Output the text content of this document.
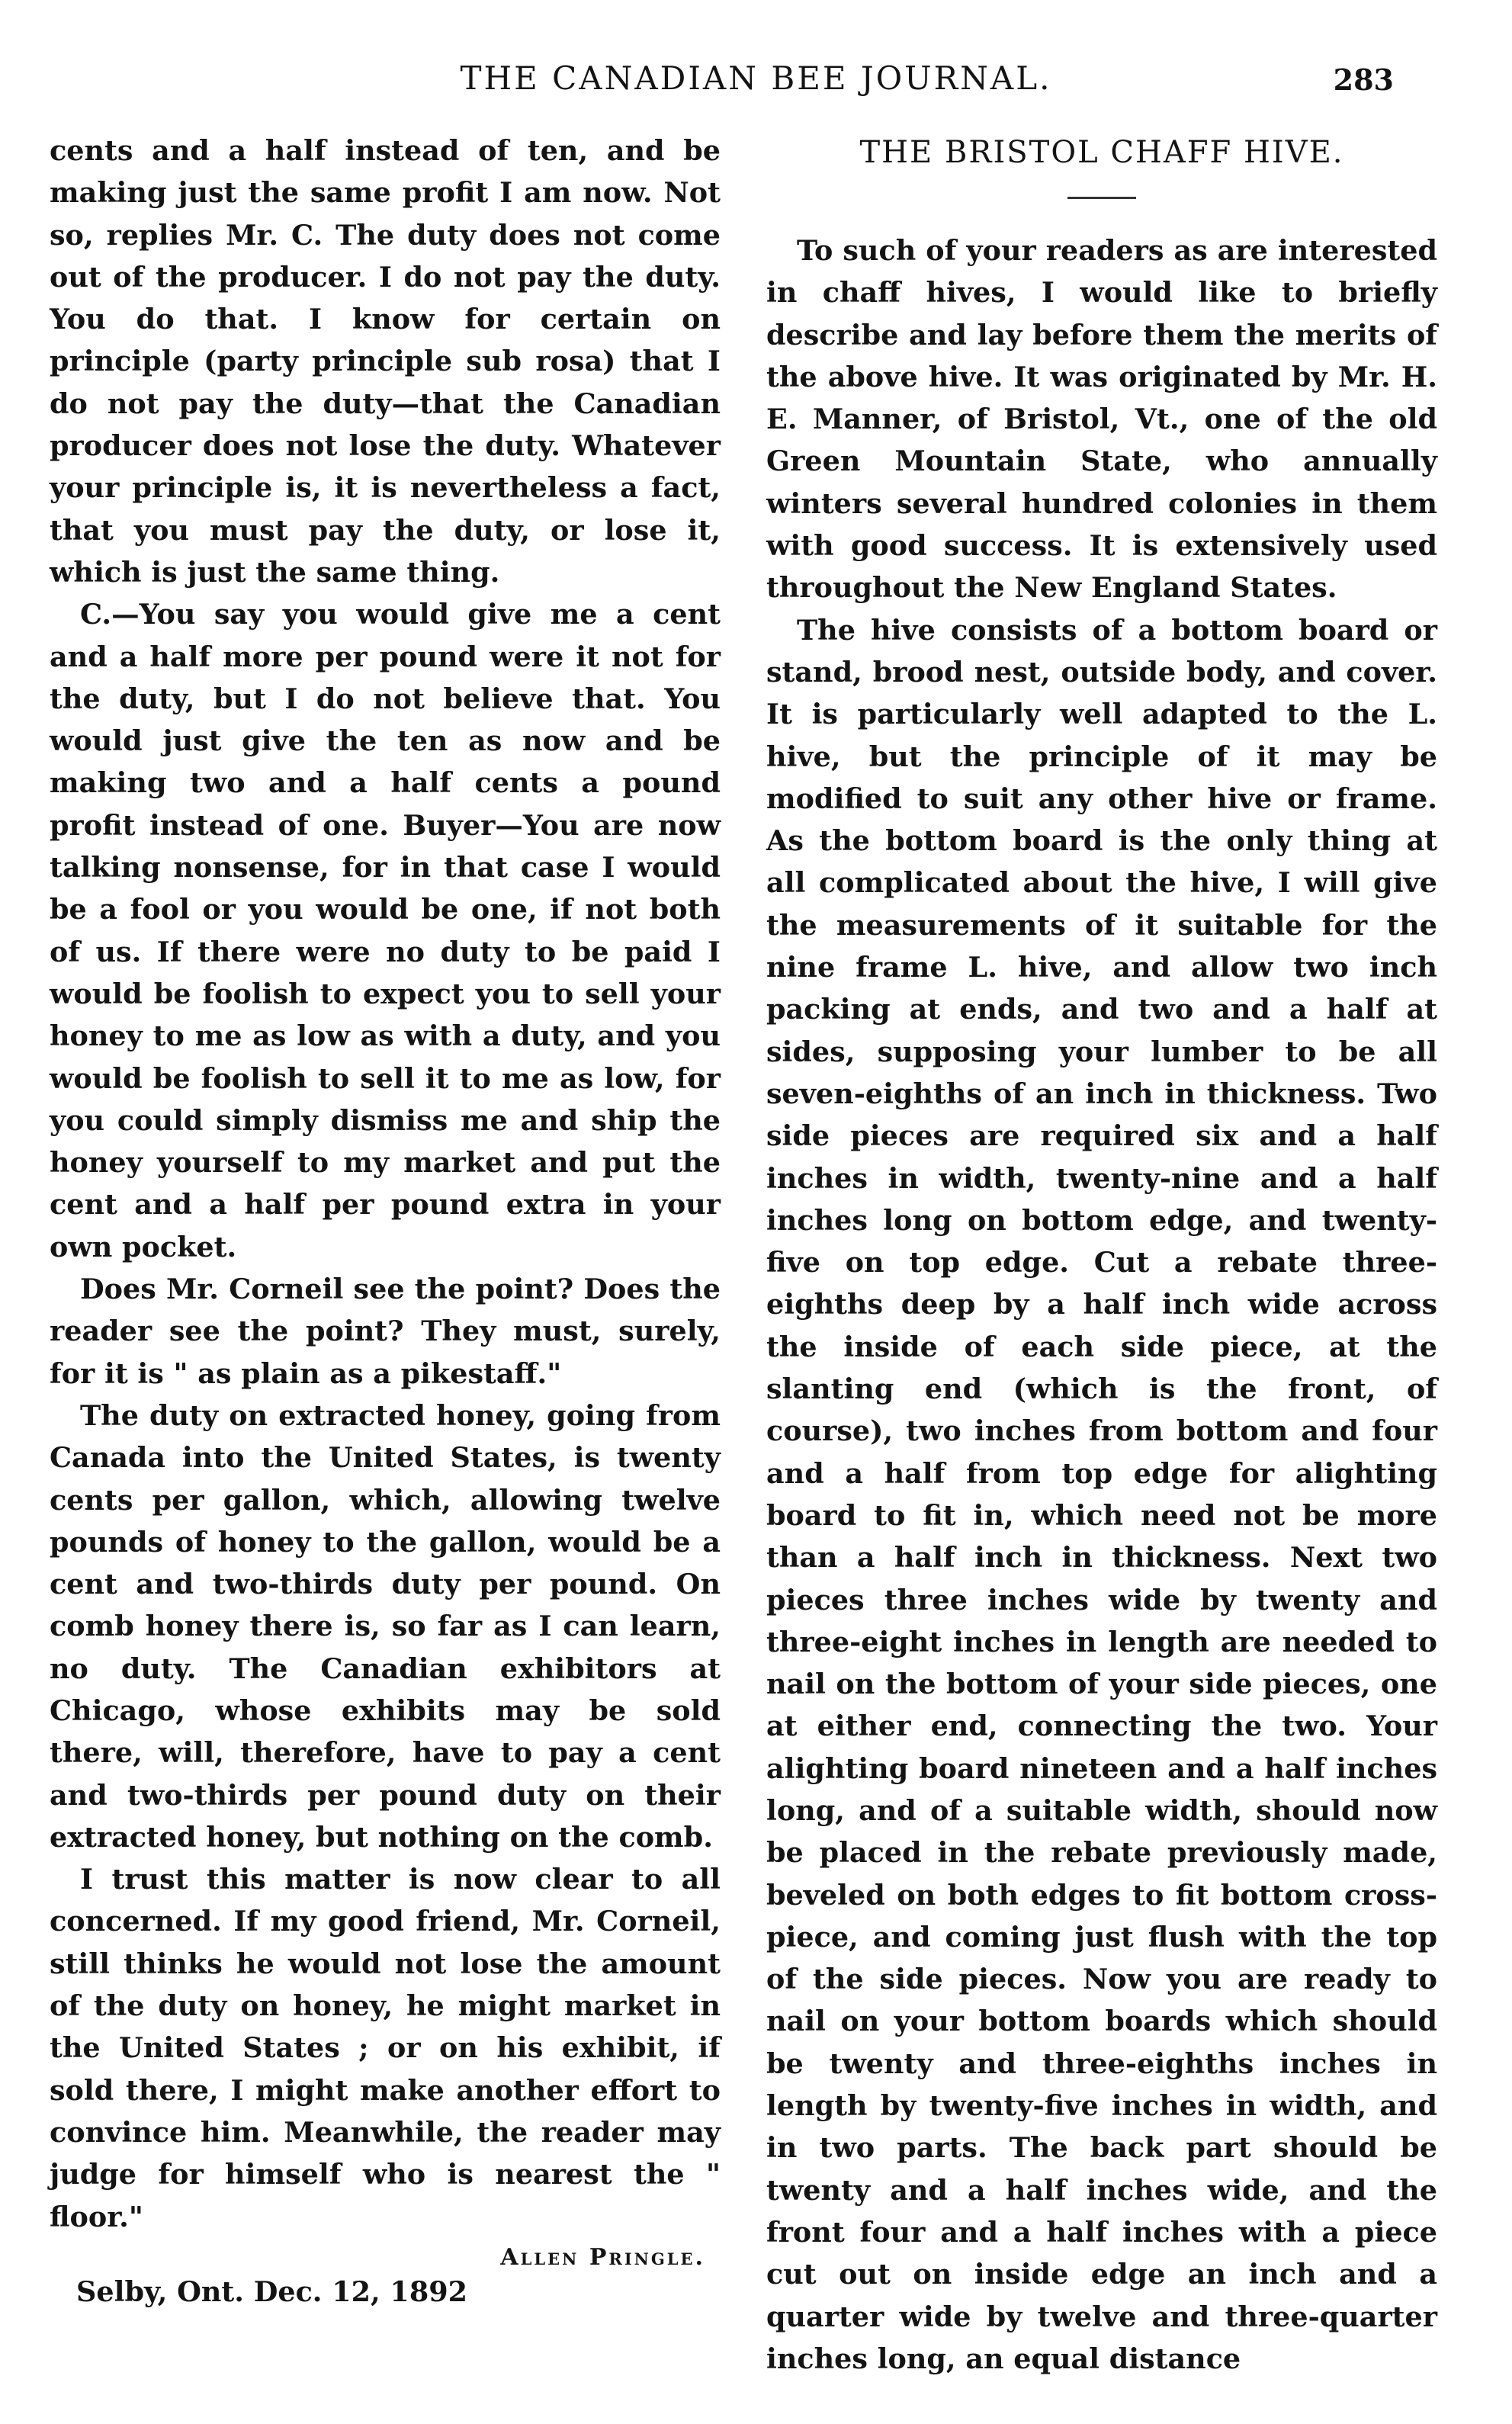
THE CANADIAN BEE JOURNAL.	283

cents and a half instead of ten, and be making just the same profit I am now. Not so, replies Mr. C. The duty does not come out of the producer. I do not pay the duty. You do that. I know for certain on principle (party principle sub rosa) that I do not pay the duty—that the Canadian producer does not lose the duty. Whatever your principle is, it is nevertheless a fact, that you must pay the duty, or lose it, which is just the same thing.

C.—You say you would give me a cent and a half more per pound were it not for the duty, but I do not believe that. You would just give the ten as now and be making two and a half cents a pound profit instead of one. Buyer—You are now talking nonsense, for in that case I would be a fool or you would be one, if not both of us. If there were no duty to be paid I would be foolish to expect you to sell your honey to me as low as with a duty, and you would be foolish to sell it to me as low, for you could simply dismiss me and ship the honey yourself to my market and put the cent and a half per pound extra in your own pocket.

Does Mr. Corneil see the point? Does the reader see the point? They must, surely, for it is " as plain as a pikestaff."

The duty on extracted honey, going from Canada into the United States, is twenty cents per gallon, which, allowing twelve pounds of honey to the gallon, would be a cent and two-thirds duty per pound. On comb honey there is, so far as I can learn, no duty. The Canadian exhibitors at Chicago, whose exhibits may be sold there, will, therefore, have to pay a cent and two-thirds per pound duty on their extracted honey, but nothing on the comb.

I trust this matter is now clear to all concerned. If my good friend, Mr. Corneil, still thinks he would not lose the amount of the duty on honey, he might market in the United States ; or on his exhibit, if sold there, I might make another effort to convince him. Meanwhile, the reader may judge for himself who is nearest the " floor."

Allen Pringle.
Selby, Ont. Dec. 12, 1892
THE BRISTOL CHAFF HIVE.

To such of your readers as are interested in chaff hives, I would like to briefly describe and lay before them the merits of the above hive. It was originated by Mr. H. E. Manner, of Bristol, Vt., one of the old Green Mountain State, who annually winters several hundred colonies in them with good success. It is extensively used throughout the New England States.

The hive consists of a bottom board or stand, brood nest, outside body, and cover. It is particularly well adapted to the L. hive, but the principle of it may be modified to suit any other hive or frame. As the bottom board is the only thing at all complicated about the hive, I will give the measurements of it suitable for the nine frame L. hive, and allow two inch packing at ends, and two and a half at sides, supposing your lumber to be all seven-eighths of an inch in thickness. Two side pieces are required six and a half inches in width, twenty-nine and a half inches long on bottom edge, and twenty-five on top edge. Cut a rebate three-eighths deep by a half inch wide across the inside of each side piece, at the slanting end (which is the front, of course), two inches from bottom and four and a half from top edge for alighting board to fit in, which need not be more than a half inch in thickness. Next two pieces three inches wide by twenty and three-eight inches in length are needed to nail on the bottom of your side pieces, one at either end, connecting the two. Your alighting board nineteen and a half inches long, and of a suitable width, should now be placed in the rebate previously made, beveled on both edges to fit bottom cross-piece, and coming just flush with the top of the side pieces. Now you are ready to nail on your bottom boards which should be twenty and three-eighths inches in length by twenty-five inches in width, and in two parts. The back part should be twenty and a half inches wide, and the front four and a half inches with a piece cut out on inside edge an inch and a quarter wide by twelve and three-quarter inches long, an equal distance
